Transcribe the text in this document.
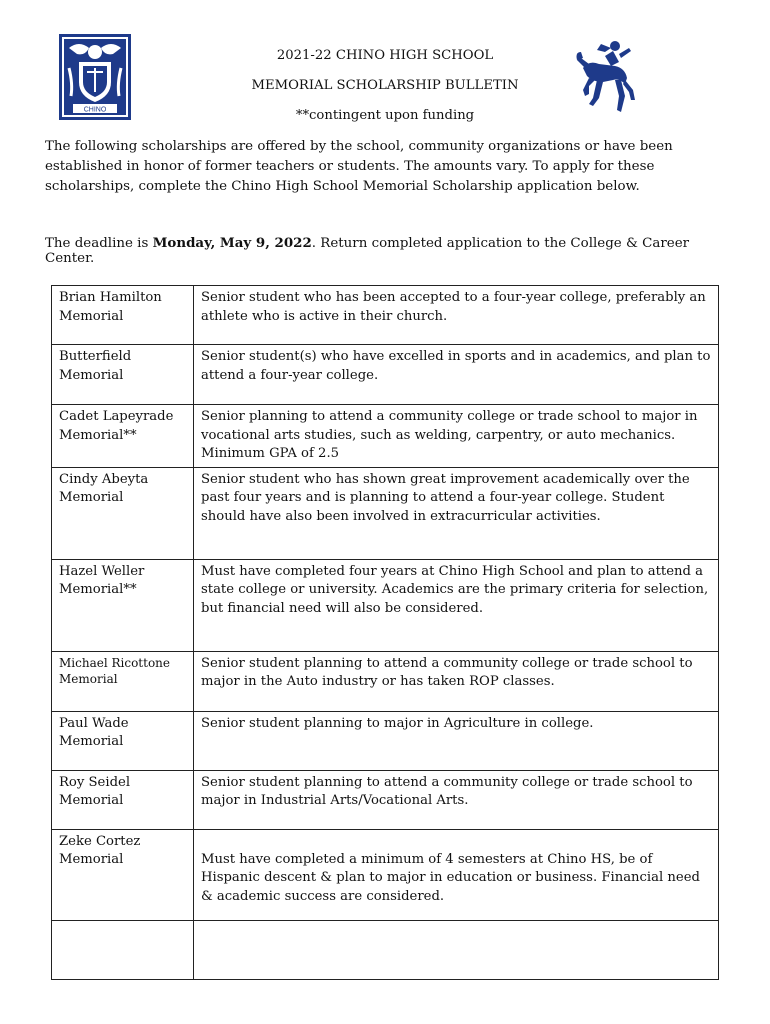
CHINO
2021-22 CHINO HIGH SCHOOL
MEMORIAL SCHOLARSHIP BULLETIN
**contingent upon funding
The following scholarships are offered by the school, community organizations or have been established in honor of former teachers or students. The amounts vary. To apply for these scholarships, complete the Chino High School Memorial Scholarship application below.
The deadline is Monday, May 9, 2022. Return completed application to the College & Career Center.
Brian Hamilton Memorial	Senior student who has been accepted to a four-year college, preferably an athlete who is active in their church.
Butterfield Memorial	Senior student(s) who have excelled in sports and in academics, and plan to attend a four-year college.
Cadet Lapeyrade Memorial**	Senior planning to attend a community college or trade school to major in vocational arts studies, such as welding, carpentry, or auto mechanics. Minimum GPA of 2.5
Cindy Abeyta Memorial	Senior student who has shown great improvement academically over the past four years and is planning to attend a four-year college. Student should have also been involved in extracurricular activities.
Hazel Weller Memorial**	Must have completed four years at Chino High School and plan to attend a state college or university. Academics are the primary criteria for selection, but financial need will also be considered.
Michael Ricottone Memorial	Senior student planning to attend a community college or trade school to major in the Auto industry or has taken ROP classes.
Paul Wade Memorial	Senior student planning to major in Agriculture in college.
Roy Seidel Memorial	Senior student planning to attend a community college or trade school to major in Industrial Arts/Vocational Arts.
Zeke Cortez Memorial	Must have completed a minimum of 4 semesters at Chino HS, be of Hispanic descent & plan to major in education or business. Financial need & academic success are considered.
